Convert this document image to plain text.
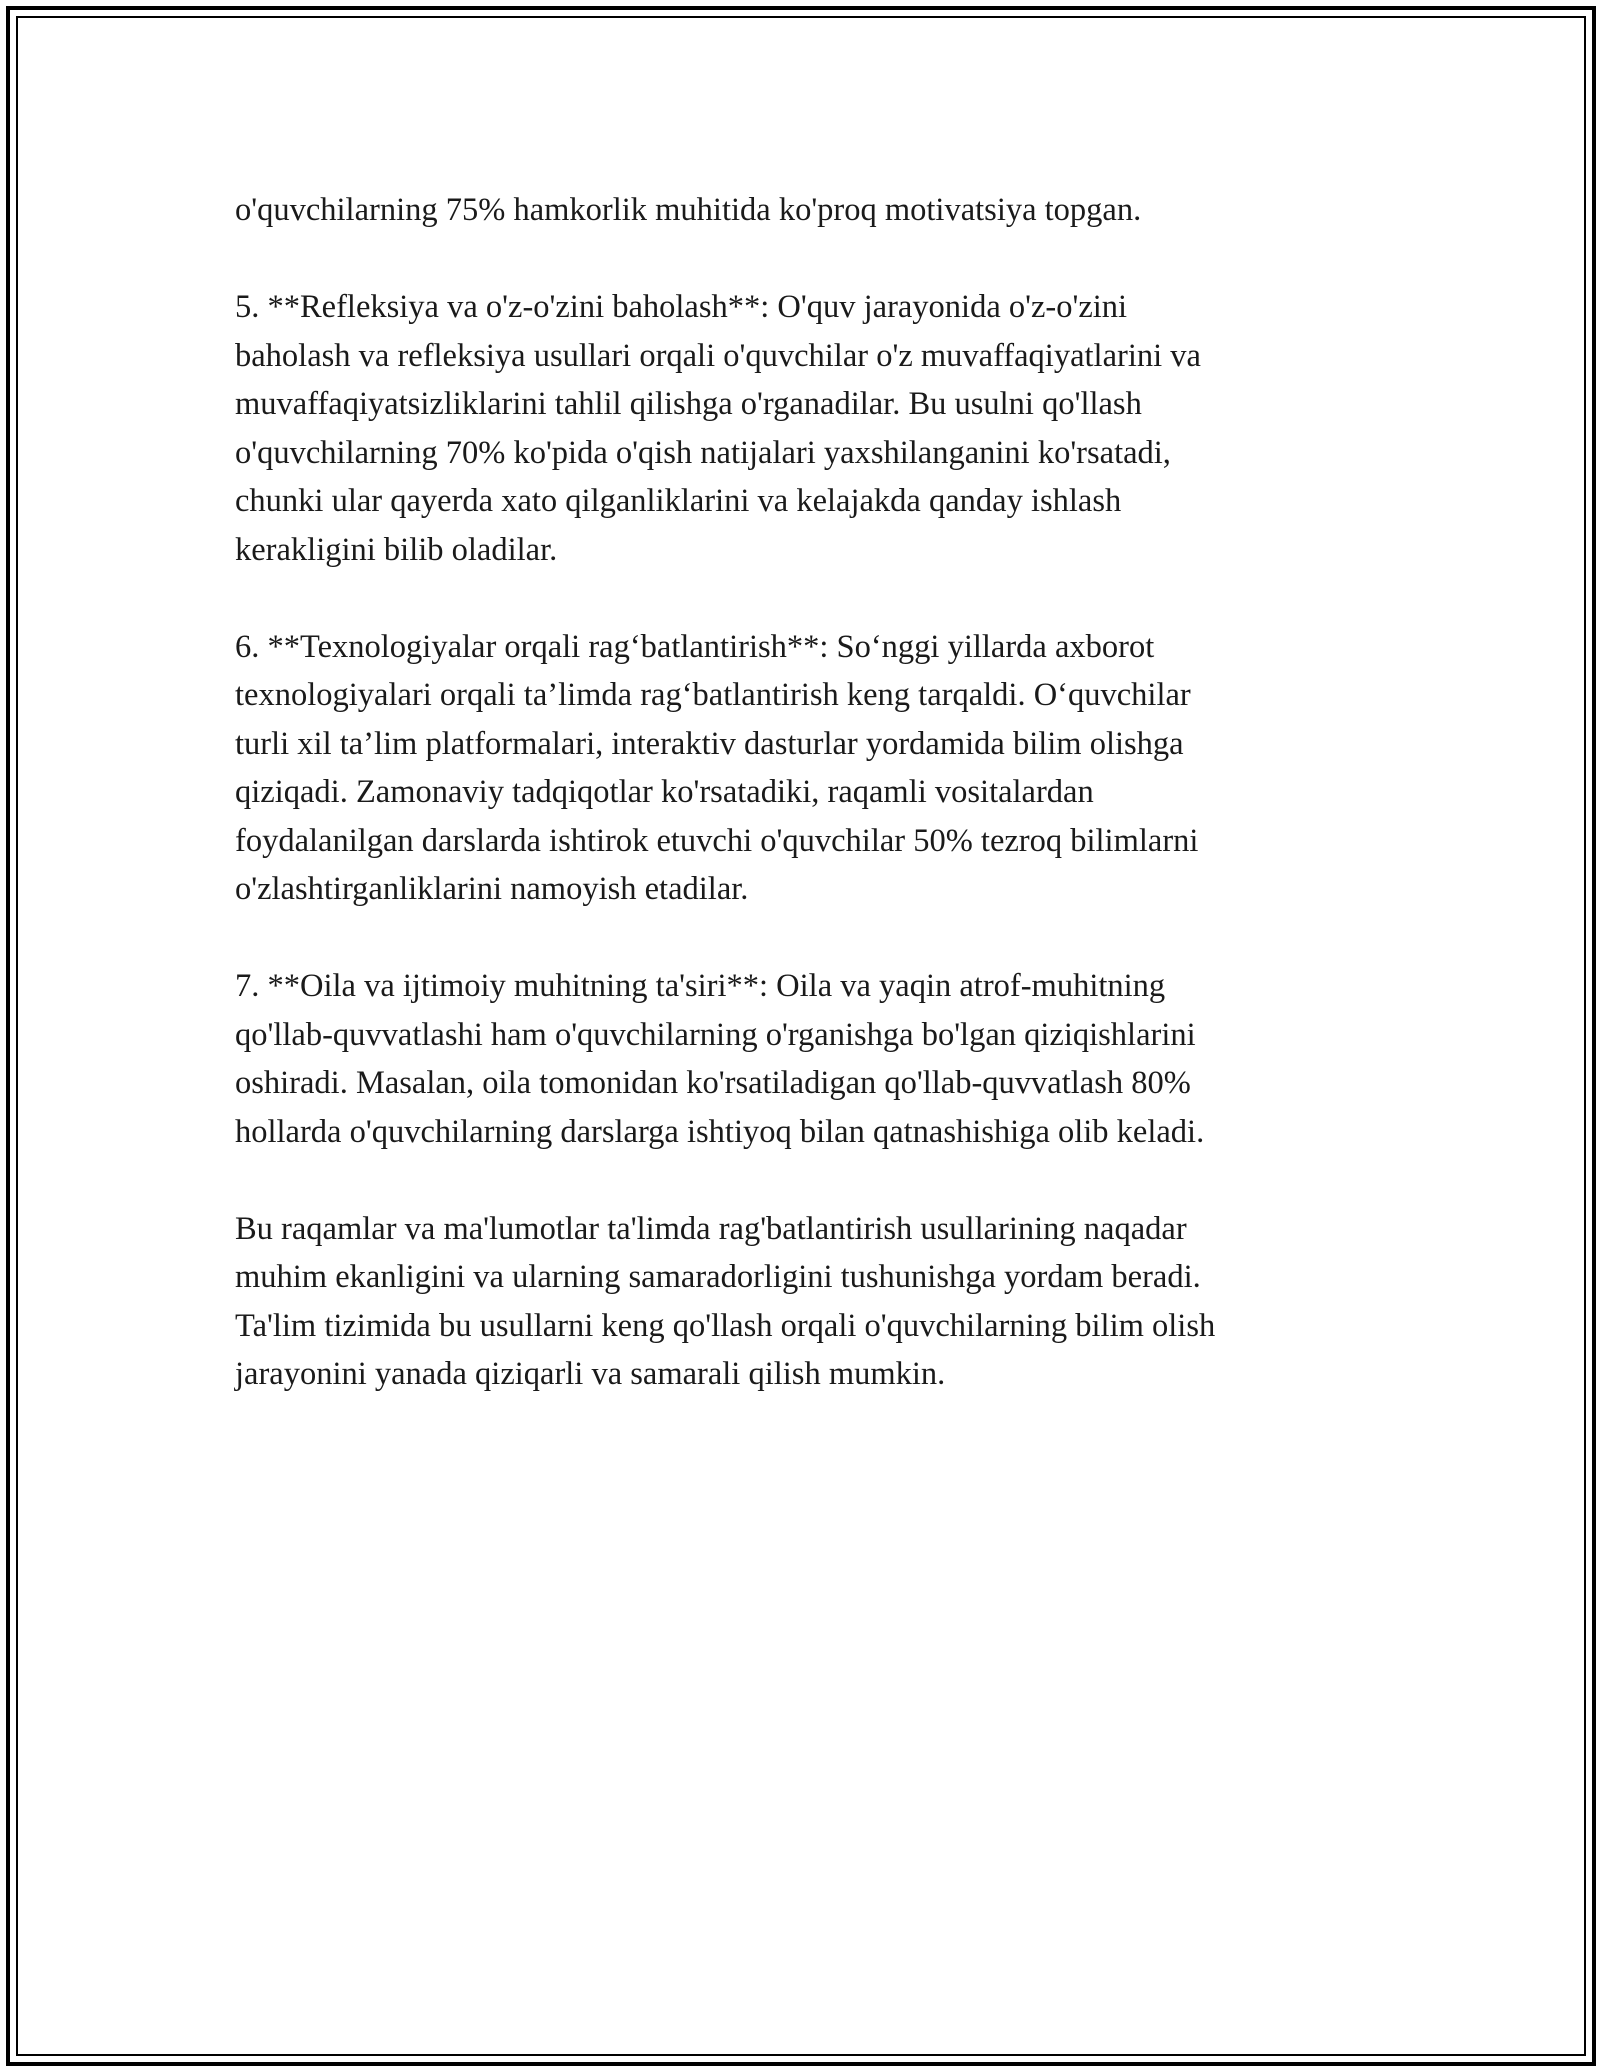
o'quvchilarning 75% hamkorlik muhitida ko'proq motivatsiya topgan.

5. **Refleksiya va o'z-o'zini baholash**: O'quv jarayonida o'z-o'zini
baholash va refleksiya usullari orqali o'quvchilar o'z muvaffaqiyatlarini va
muvaffaqiyatsizliklarini tahlil qilishga o'rganadilar. Bu usulni qo'llash
o'quvchilarning 70% ko'pida o'qish natijalari yaxshilanganini ko'rsatadi,
chunki ular qayerda xato qilganliklarini va kelajakda qanday ishlash
kerakligini bilib oladilar.

6. **Texnologiyalar orqali rag‘batlantirish**: So‘nggi yillarda axborot
texnologiyalari orqali ta’limda rag‘batlantirish keng tarqaldi. O‘quvchilar
turli xil ta’lim platformalari, interaktiv dasturlar yordamida bilim olishga
qiziqadi. Zamonaviy tadqiqotlar ko'rsatadiki, raqamli vositalardan
foydalanilgan darslarda ishtirok etuvchi o'quvchilar 50% tezroq bilimlarni
o'zlashtirganliklarini namoyish etadilar.

7. **Oila va ijtimoiy muhitning ta'siri**: Oila va yaqin atrof-muhitning
qo'llab-quvvatlashi ham o'quvchilarning o'rganishga bo'lgan qiziqishlarini
oshiradi. Masalan, oila tomonidan ko'rsatiladigan qo'llab-quvvatlash 80%
hollarda o'quvchilarning darslarga ishtiyoq bilan qatnashishiga olib keladi.

Bu raqamlar va ma'lumotlar ta'limda rag'batlantirish usullarining naqadar
muhim ekanligini va ularning samaradorligini tushunishga yordam beradi.
Ta'lim tizimida bu usullarni keng qo'llash orqali o'quvchilarning bilim olish
jarayonini yanada qiziqarli va samarali qilish mumkin.
